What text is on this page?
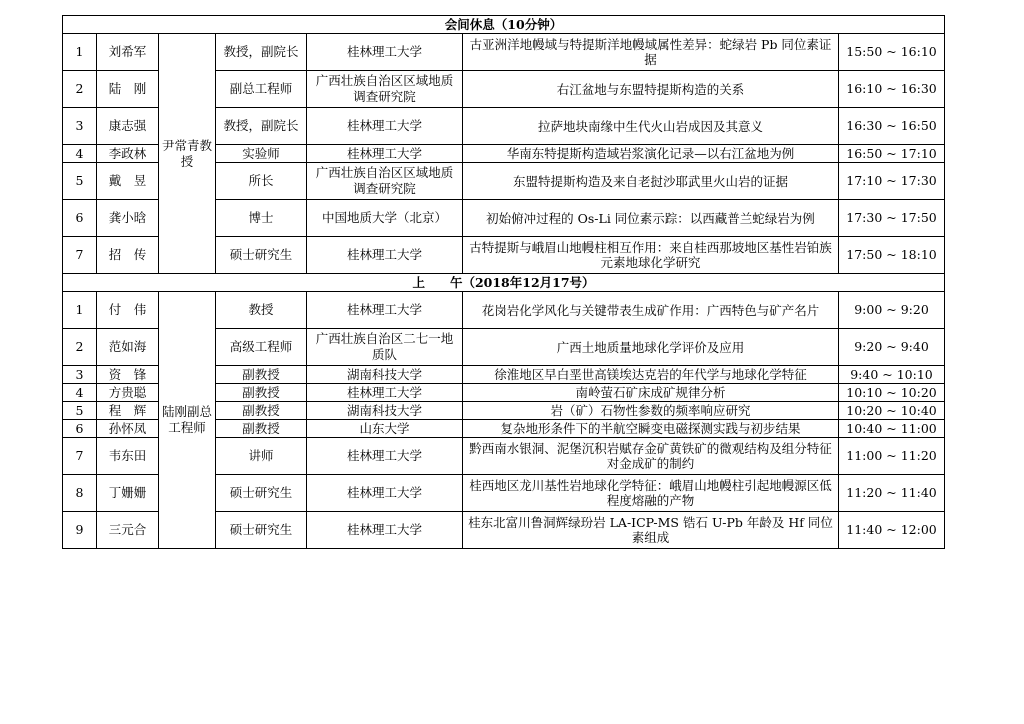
会间休息（10分钟）						
1	刘希军	尹常青教授	教授，副院长	桂林理工大学	古亚洲洋地幔域与特提斯洋地幔域属性差异：蛇绿岩 Pb 同位素证据	15:50 ~ 16:10
2	陆　刚		副总工程师	广西壮族自治区区域地质调查研究院	右江盆地与东盟特提斯构造的关系	16:10 ~ 16:30
3	康志强		教授，副院长	桂林理工大学	拉萨地块南缘中生代火山岩成因及其意义	16:30 ~ 16:50
4	李政林		实验师	桂林理工大学	华南东特提斯构造域岩浆演化记录—以右江盆地为例	16:50 ~ 17:10
5	戴　昱		所长	广西壮族自治区区域地质调查研究院	东盟特提斯构造及来自老挝沙耶武里火山岩的证据	17:10 ~ 17:30
6	龚小晗		博士	中国地质大学（北京）	初始俯冲过程的 Os-Li 同位素示踪：以西藏普兰蛇绿岩为例	17:30 ~ 17:50
7	招　传		硕士研究生	桂林理工大学	古特提斯与峨眉山地幔柱相互作用：来自桂西那坡地区基性岩铂族元素地球化学研究	17:50 ~ 18:10
上　　午（2018年12月17号）						
1	付　伟	陆刚副总工程师	教授	桂林理工大学	花岗岩化学风化与关键带表生成矿作用：广西特色与矿产名片	9:00 ~ 9:20
2	范如海		高级工程师	广西壮族自治区二七一地质队	广西土地质量地球化学评价及应用	9:20 ~ 9:40
3	资　锋		副教授	湖南科技大学	徐淮地区早白垩世高镁埃达克岩的年代学与地球化学特征	9:40 ~ 10:10
4	方贵聪		副教授	桂林理工大学	南岭萤石矿床成矿规律分析	10:10 ~ 10:20
5	程　辉		副教授	湖南科技大学	岩（矿）石物性参数的频率响应研究	10:20 ~ 10:40
6	孙怀凤		副教授	山东大学	复杂地形条件下的半航空瞬变电磁探测实践与初步结果	10:40 ~ 11:00
7	韦东田		讲师	桂林理工大学	黔西南水银洞、泥堡沉积岩赋存金矿黄铁矿的微观结构及组分特征对金成矿的制约	11:00 ~ 11:20
8	丁姗姗		硕士研究生	桂林理工大学	桂西地区龙川基性岩地球化学特征：峨眉山地幔柱引起地幔源区低程度熔融的产物	11:20 ~ 11:40
9	三元合		硕士研究生	桂林理工大学	桂东北富川鲁洞辉绿玢岩 LA-ICP-MS 锆石 U-Pb 年龄及 Hf 同位素组成	11:40 ~ 12:00
